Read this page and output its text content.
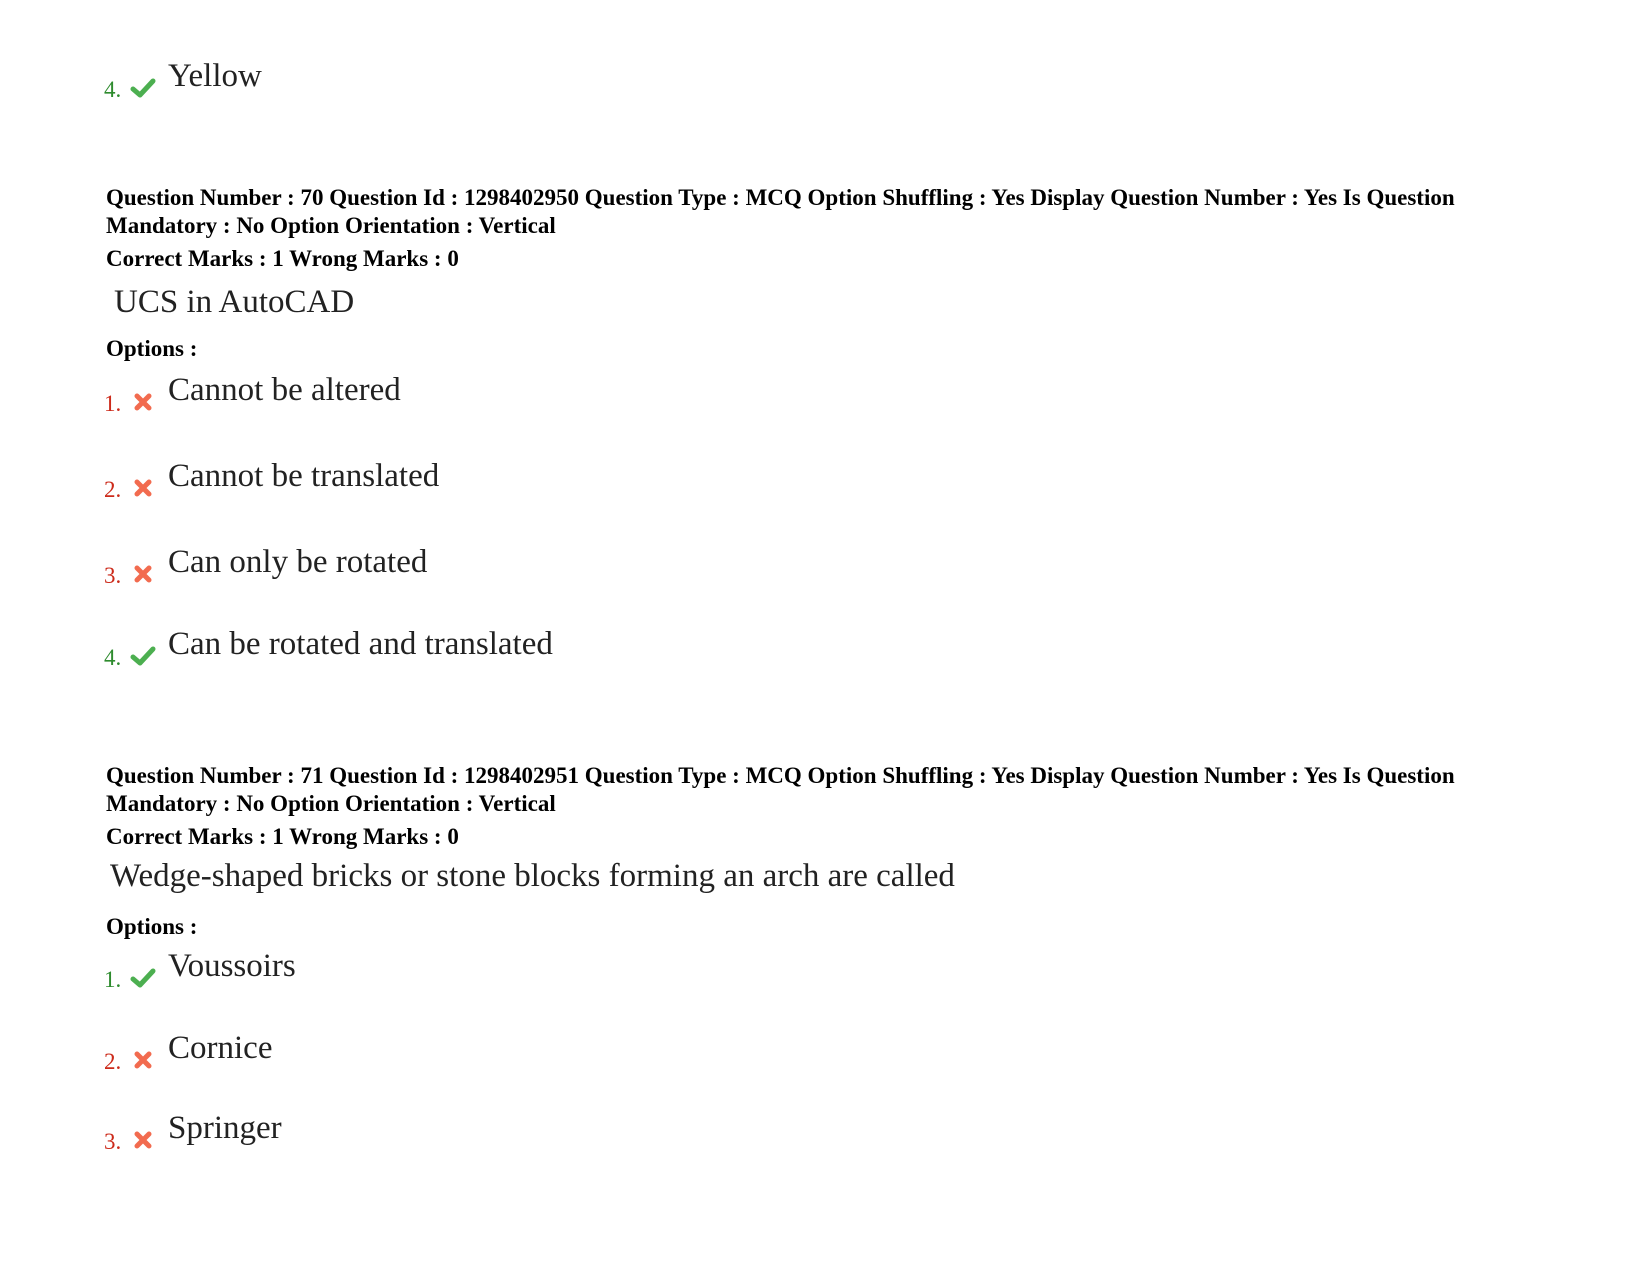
4. Yellow

Question Number : 70 Question Id : 1298402950 Question Type : MCQ Option Shuffling : Yes Display Question Number : Yes Is Question Mandatory : No Option Orientation : Vertical

Correct Marks : 1 Wrong Marks : 0

UCS in AutoCAD

Options :

1. Cannot be altered
2. Cannot be translated
3. Can only be rotated
4. Can be rotated and translated

Question Number : 71 Question Id : 1298402951 Question Type : MCQ Option Shuffling : Yes Display Question Number : Yes Is Question Mandatory : No Option Orientation : Vertical

Correct Marks : 1 Wrong Marks : 0

Wedge-shaped bricks or stone blocks forming an arch are called

Options :

1. Voussoirs
2. Cornice
3. Springer
